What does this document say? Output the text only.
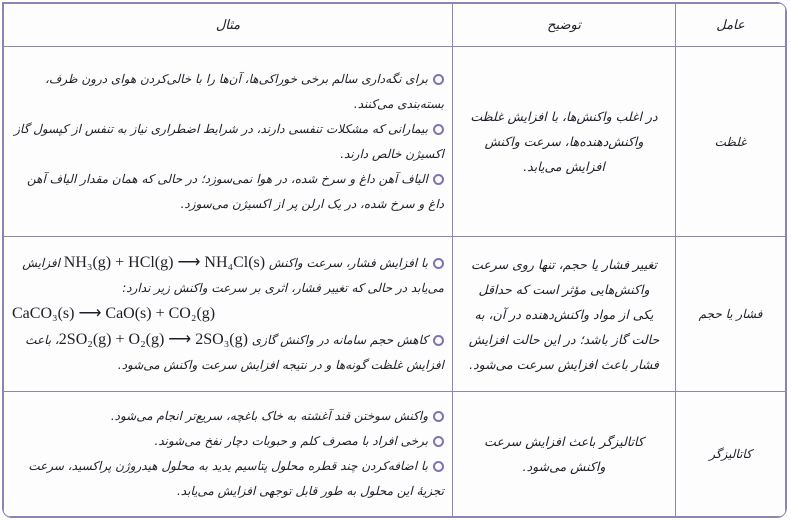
عامل	توضیح	مثال
غلظت	در اغلب واکنش‌ها، با افزایش غلظت واکنش‌دهنده‌ها، سرعت واکنش افزایش می‌یابد.	برای نگه‌داری سالم برخی خوراکی‌ها، آن‌ها را با خالی‌کردن هوای درون ظرف، بسته‌بندی می‌کنند.
بیمارانی که مشکلات تنفسی دارند، در شرایط اضطراری نیاز به تنفس از کپسول گاز اکسیژن خالص دارند.
الیاف آهن داغ و سرخ شده، در هوا نمی‌سوزد؛ در حالی که همان مقدار الیاف آهن داغ و سرخ شده، در یک ارلن پر از اکسیژن می‌سوزد.

فشار یا حجم	تغییر فشار یا حجم، تنها روی سرعت واکنش‌هایی مؤثر است که حداقل یکی از مواد واکنش‌دهنده در آن، به حالت گاز باشد؛ در این حالت افزایش فشار باعث افزایش سرعت می‌شود.	با افزایش فشار، سرعت واکنش NH₃(g) + HCl(g) ⟶ NH₄Cl(s) افزایش می‌یابد در حالی که تغییر فشار، اثری بر سرعت واکنش زیر ندارد:
CaCO₃(s) ⟶ CaO(s) + CO₂(g)
کاهش حجم سامانه در واکنش گازی 2SO₂(g) + O₂(g) ⟶ 2SO₃(g)، باعث افزایش غلظت گونه‌ها و در نتیجه افزایش سرعت واکنش می‌شود.

کاتالیزگر	کاتالیزگر باعث افزایش سرعت واکنش می‌شود.	واکنش سوختن قند آغشته به خاک باغچه، سریع‌تر انجام می‌شود.
برخی افراد با مصرف کلم و حبوبات دچار نفخ می‌شوند.
با اضافه‌کردن چند قطره محلول پتاسیم یدید به محلول هیدروژن پراکسید، سرعت تجزیهٔ این محلول به طور قابل توجهی افزایش می‌یابد.
